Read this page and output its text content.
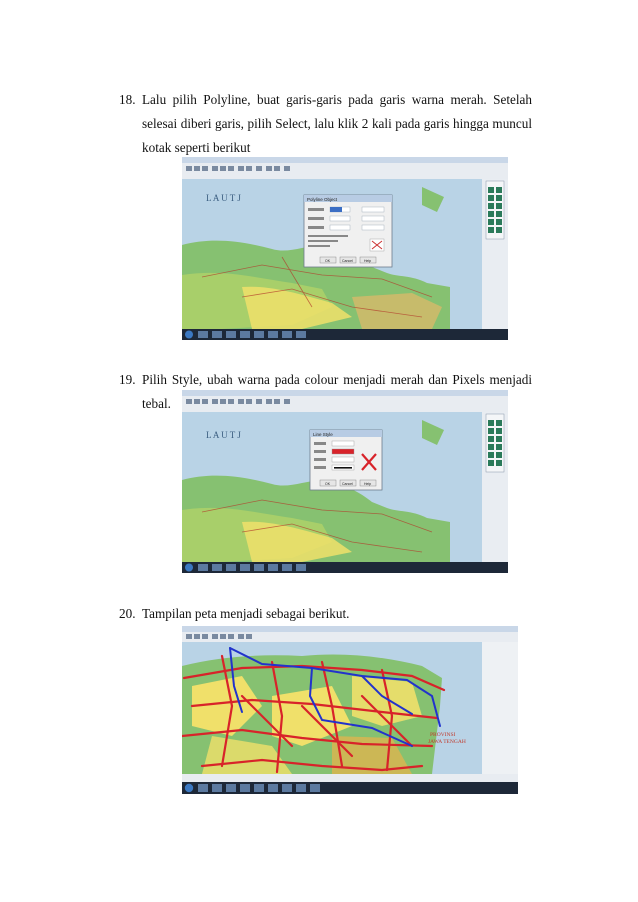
18. Lalu pilih Polyline, buat garis-garis pada garis warna merah. Setelah selesai diberi garis, pilih Select, lalu klik 2 kali pada garis hingga muncul kotak seperti berikut
L A U T J	Polyline Object
OK	Cancel	Help
19. Pilih Style, ubah warna pada colour menjadi merah dan Pixels menjadi tebal.
L A U T J	Line Style
OK	Cancel	Help
20. Tampilan peta menjadi sebagai berikut.
PROVINSI
JAWA TENGAH
